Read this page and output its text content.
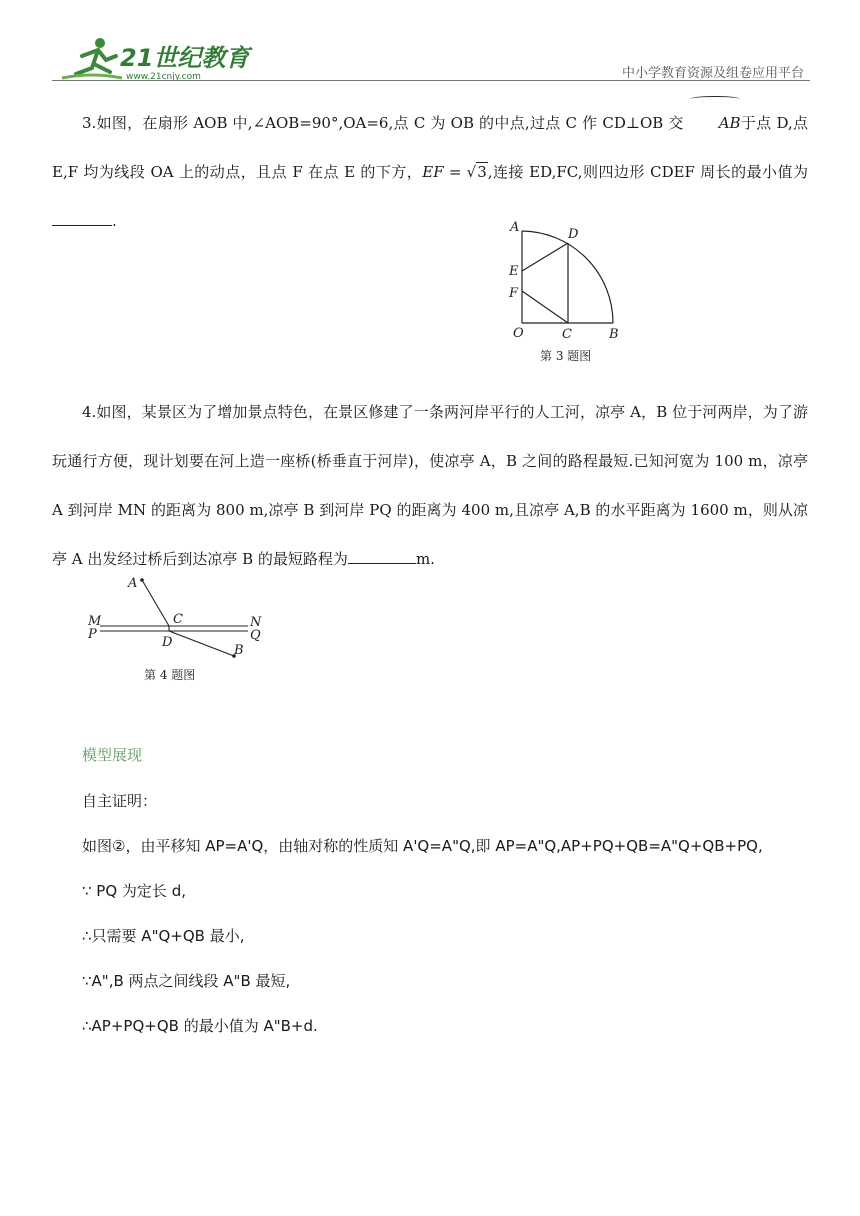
21世纪教育
www.21cnjy.com	中小学教育资源及组卷应用平台
3.如图，在扇形 AOB 中,∠AOB=90°,OA=6,点 C 为 OB 的中点,过点 C 作 CD⊥OB 交 AB于点 D,点 E,F 均为线段 OA 上的动点，且点 F 在点 E 的下方，EF = √3,连接 ED,FC,则四边形 CDEF 周长的最小值为.	A	D
E
F
O	C	B
第 3 题图
4.如图，某景区为了增加景点特色，在景区修建了一条两河岸平行的人工河，凉亭 A，B 位于河两岸，为了游玩通行方便，现计划要在河上造一座桥(桥垂直于河岸)，使凉亭 A，B 之间的路程最短.已知河宽为 100 m，凉亭 A 到河岸 MN 的距离为 800 m,凉亭 B 到河岸 PQ 的距离为 400 m,且凉亭 A,B 的水平距离为 1600 m，则从凉亭 A 出发经过桥后到达凉亭 B 的最短路程为	m.
A
M
P
C	N
Q
D
B
第 4 题图
模型展现
自主证明：
如图②，由平移知 AP=A'Q，由轴对称的性质知 A'Q=A"Q,即 AP=A"Q,AP+PQ+QB=A"Q+QB+PQ,
∵ PQ 为定长 d,
∴只需要 A"Q+QB 最小,
∵A",B 两点之间线段 A"B 最短,
∴AP+PQ+QB 的最小值为 A"B+d.
